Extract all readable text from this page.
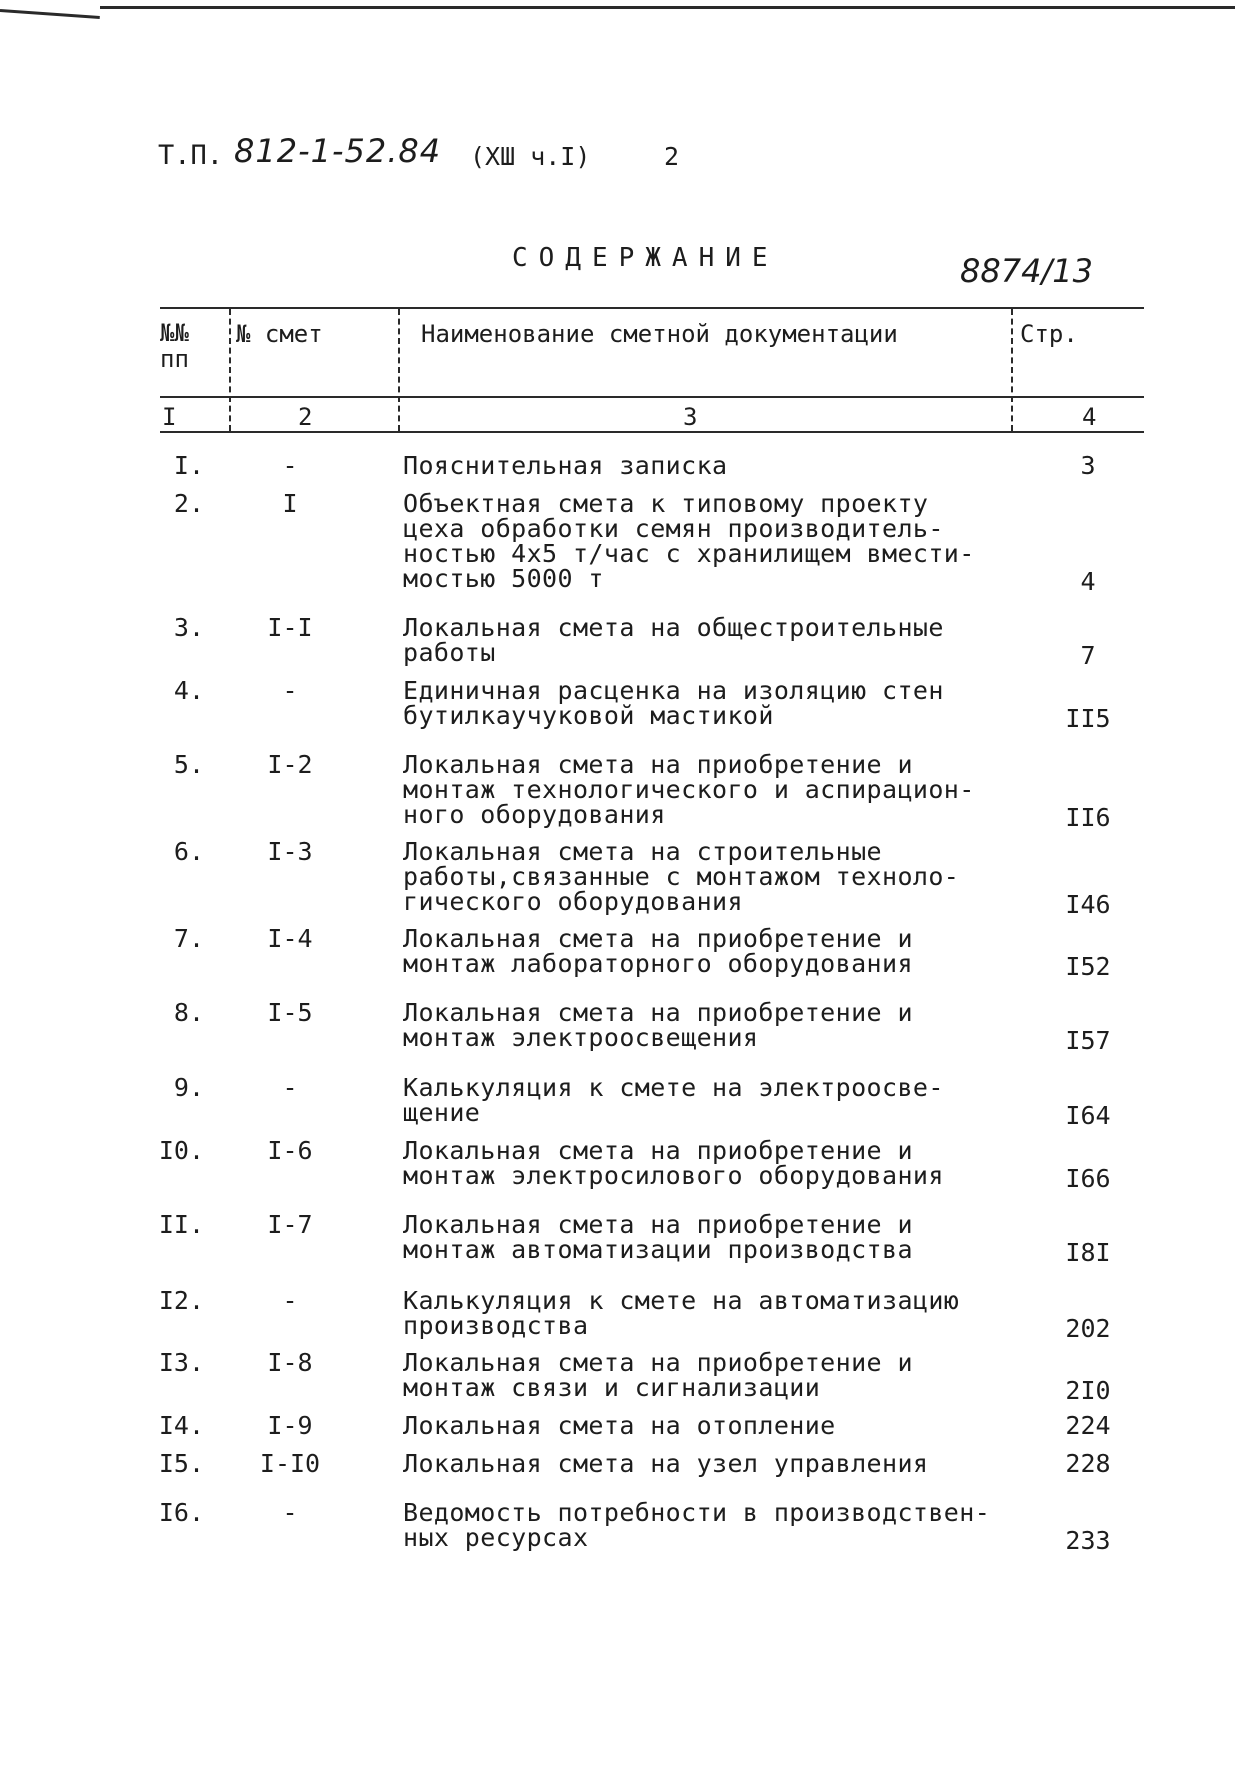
Т.П. 812-1-52.84 (XШ ч.I)	2
СОДЕРЖАНИЕ	8874/13
№№
пп
№ смет	Наименование сметной документации	Стр.
I	2	3	4
I.	-	Пояснительная записка	3
2.	I	Объектная смета к типовому проекту
цеха обработки семян производитель-
ностью 4х5 т/час с хранилищем вмести-
мостью 5000 т	4
3.	I-I	Локальная смета на общестроительные
работы	7
4.	-	Единичная расценка на изоляцию стен
бутилкаучуковой мастикой	II5
5.	I-2	Локальная смета на приобретение и
монтаж технологического и аспирацион-
ного оборудования	II6
6.	I-3	Локальная смета на строительные
работы,связанные с монтажом техноло-
гического оборудования	I46
7.	I-4	Локальная смета на приобретение и
монтаж лабораторного оборудования	I52
8.	I-5	Локальная смета на приобретение и
монтаж электроосвещения	I57
9.	-	Калькуляция к смете на электроосве-
щение	I64
I0.	I-6	Локальная смета на приобретение и
монтаж электросилового оборудования	I66
II.	I-7	Локальная смета на приобретение и
монтаж автоматизации производства	I8I
I2.	-	Калькуляция к смете на автоматизацию
производства	202
I3.	I-8	Локальная смета на приобретение и
монтаж связи и сигнализации	2I0
I4.	I-9	Локальная смета на отопление	224
I5.	I-I0	Локальная смета на узел управления	228
I6.	-	Ведомость потребности в производствен-
ных ресурсах	233
